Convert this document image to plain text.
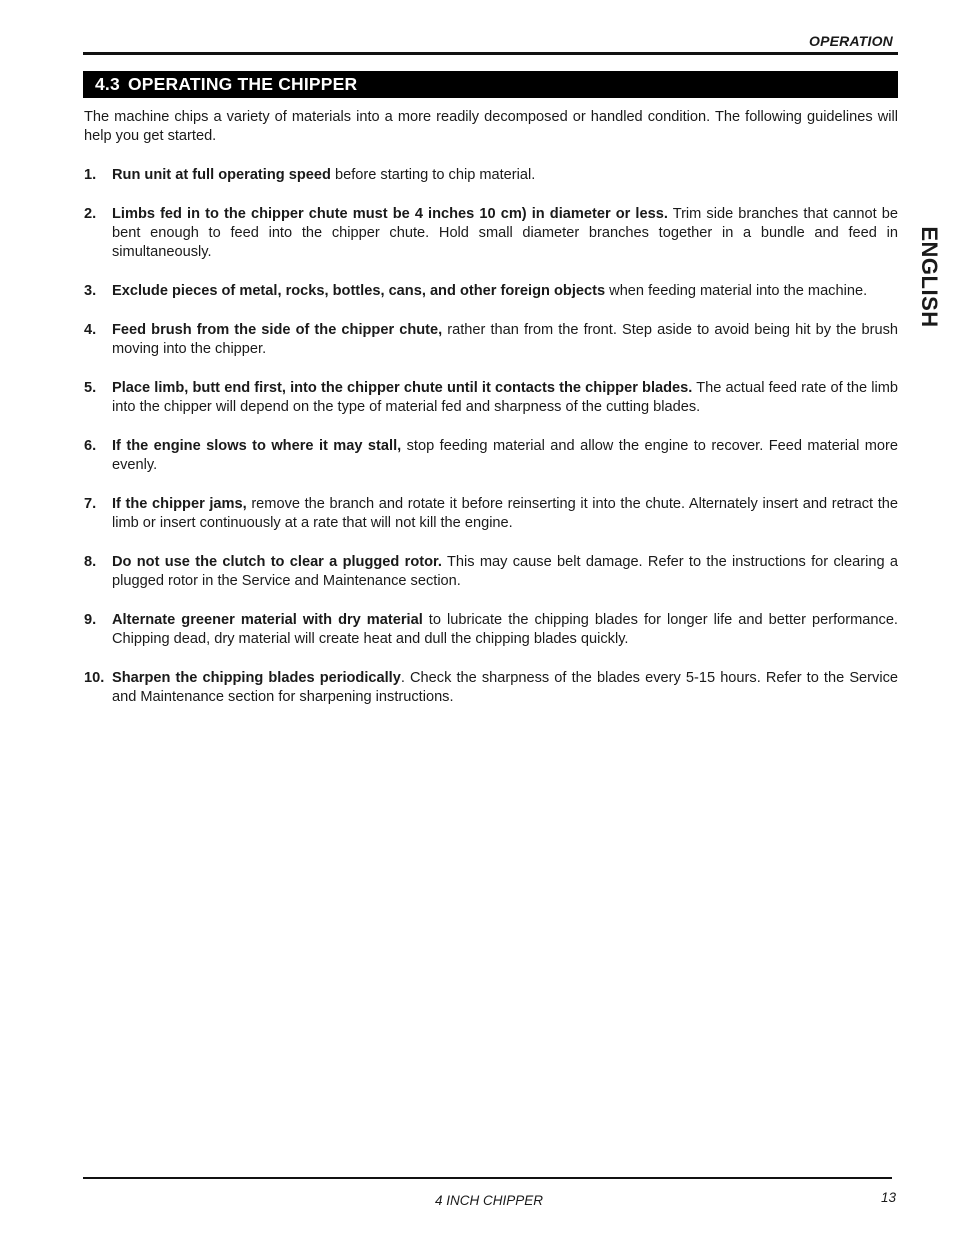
OPERATION
4.3 OPERATING THE CHIPPER

The machine chips a variety of materials into a more readily decomposed or handled condition. The following guidelines will help you get started.

1.	Run unit at full operating speed before starting to chip material.
2.	Limbs fed in to the chipper chute must be 4 inches 10 cm) in diameter or less. Trim side branches that cannot be bent enough to feed into the chipper chute. Hold small diameter branches together in a bundle and feed in simultaneously.
3.	Exclude pieces of metal, rocks, bottles, cans, and other foreign objects when feeding material into the machine.
4.	Feed brush from the side of the chipper chute, rather than from the front. Step aside to avoid being hit by the brush moving into the chipper.
5.	Place limb, butt end first, into the chipper chute until it contacts the chipper blades. The actual feed rate of the limb into the chipper will depend on the type of material fed and sharpness of the cutting blades.
6.	If the engine slows to where it may stall, stop feeding material and allow the engine to recover. Feed material more evenly.
7.	If the chipper jams, remove the branch and rotate it before reinserting it into the chute. Alternately insert and retract the limb or insert continuously at a rate that will not kill the engine.
8.	Do not use the clutch to clear a plugged rotor. This may cause belt damage. Refer to the instructions for clearing a plugged rotor in the Service and Maintenance section.
9.	Alternate greener material with dry material to lubricate the chipping blades for longer life and better performance. Chipping dead, dry material will create heat and dull the chipping blades quickly.
10. Sharpen the chipping blades periodically. Check the sharpness of the blades every 5-15 hours. Refer to the Service and Maintenance section for sharpening instructions.
ENGLISH
4 INCH CHIPPER	13
